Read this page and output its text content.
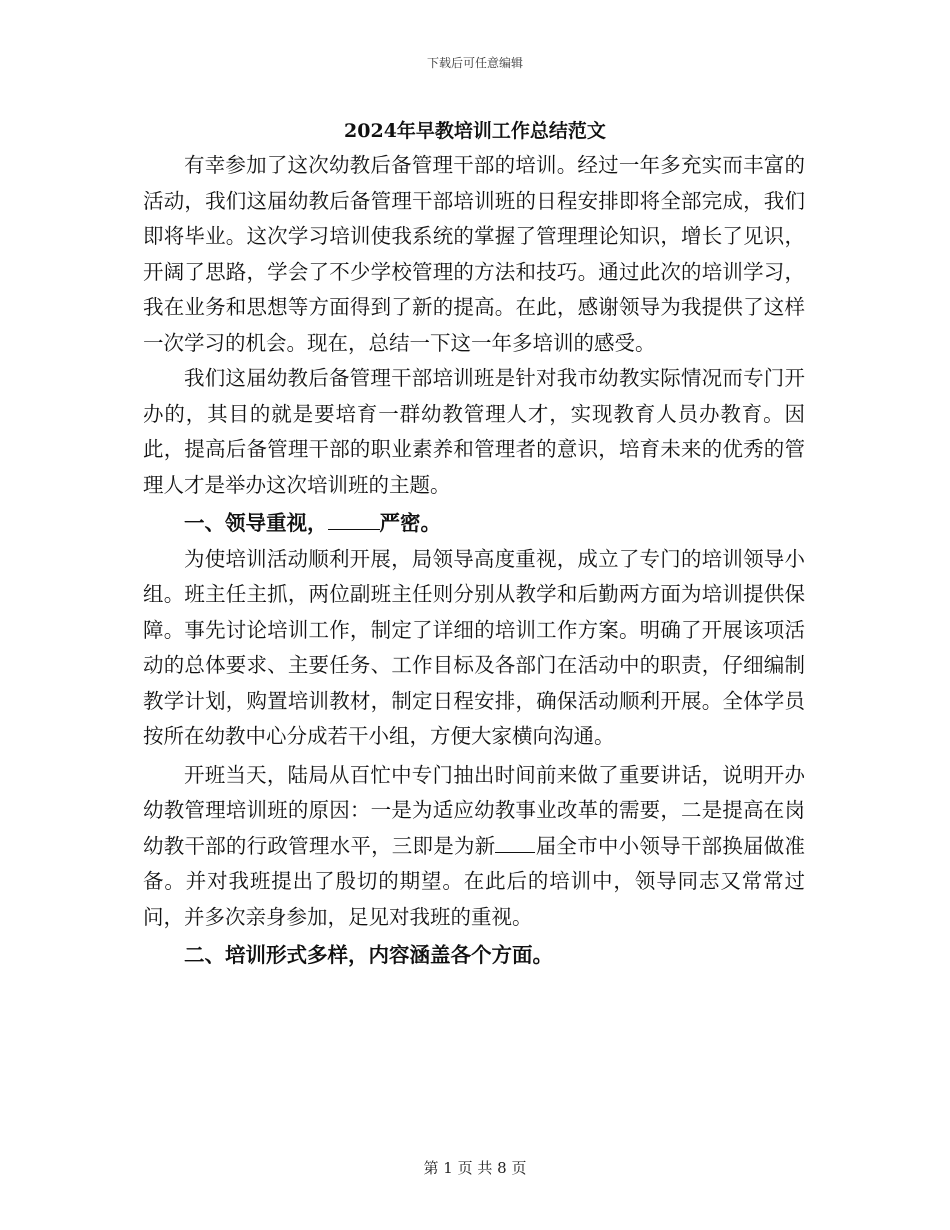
下载后可任意编辑
2024年早教培训工作总结范文

有幸参加了这次幼教后备管理干部的培训。经过一年多充实而丰富的活动，我们这届幼教后备管理干部培训班的日程安排即将全部完成，我们即将毕业。这次学习培训使我系统的掌握了管理理论知识，增长了见识，开阔了思路，学会了不少学校管理的方法和技巧。通过此次的培训学习，我在业务和思想等方面得到了新的提高。在此，感谢领导为我提供了这样一次学习的机会。现在，总结一下这一年多培训的感受。

我们这届幼教后备管理干部培训班是针对我市幼教实际情况而专门开办的，其目的就是要培育一群幼教管理人才，实现教育人员办教育。因此，提高后备管理干部的职业素养和管理者的意识，培育未来的优秀的管理人才是举办这次培训班的主题。

一、领导重视，	严密。

为使培训活动顺利开展，局领导高度重视，成立了专门的培训领导小组。班主任主抓，两位副班主任则分别从教学和后勤两方面为培训提供保障。事先讨论培训工作，制定了详细的培训工作方案。明确了开展该项活动的总体要求、主要任务、工作目标及各部门在活动中的职责，仔细编制教学计划，购置培训教材，制定日程安排，确保活动顺利开展。全体学员按所在幼教中心分成若干小组，方便大家横向沟通。

开班当天，陆局从百忙中专门抽出时间前来做了重要讲话，说明开办幼教管理培训班的原因：一是为适应幼教事业改革的需要，二是提高在岗幼教干部的行政管理水平，三即是为新 届全市中小领导干部换届做准备。并对我班提出了殷切的期望。在此后的培训中，领导同志又常常过问，并多次亲身参加，足见对我班的重视。

二、培训形式多样，内容涵盖各个方面。

第 1 页 共 8 页
